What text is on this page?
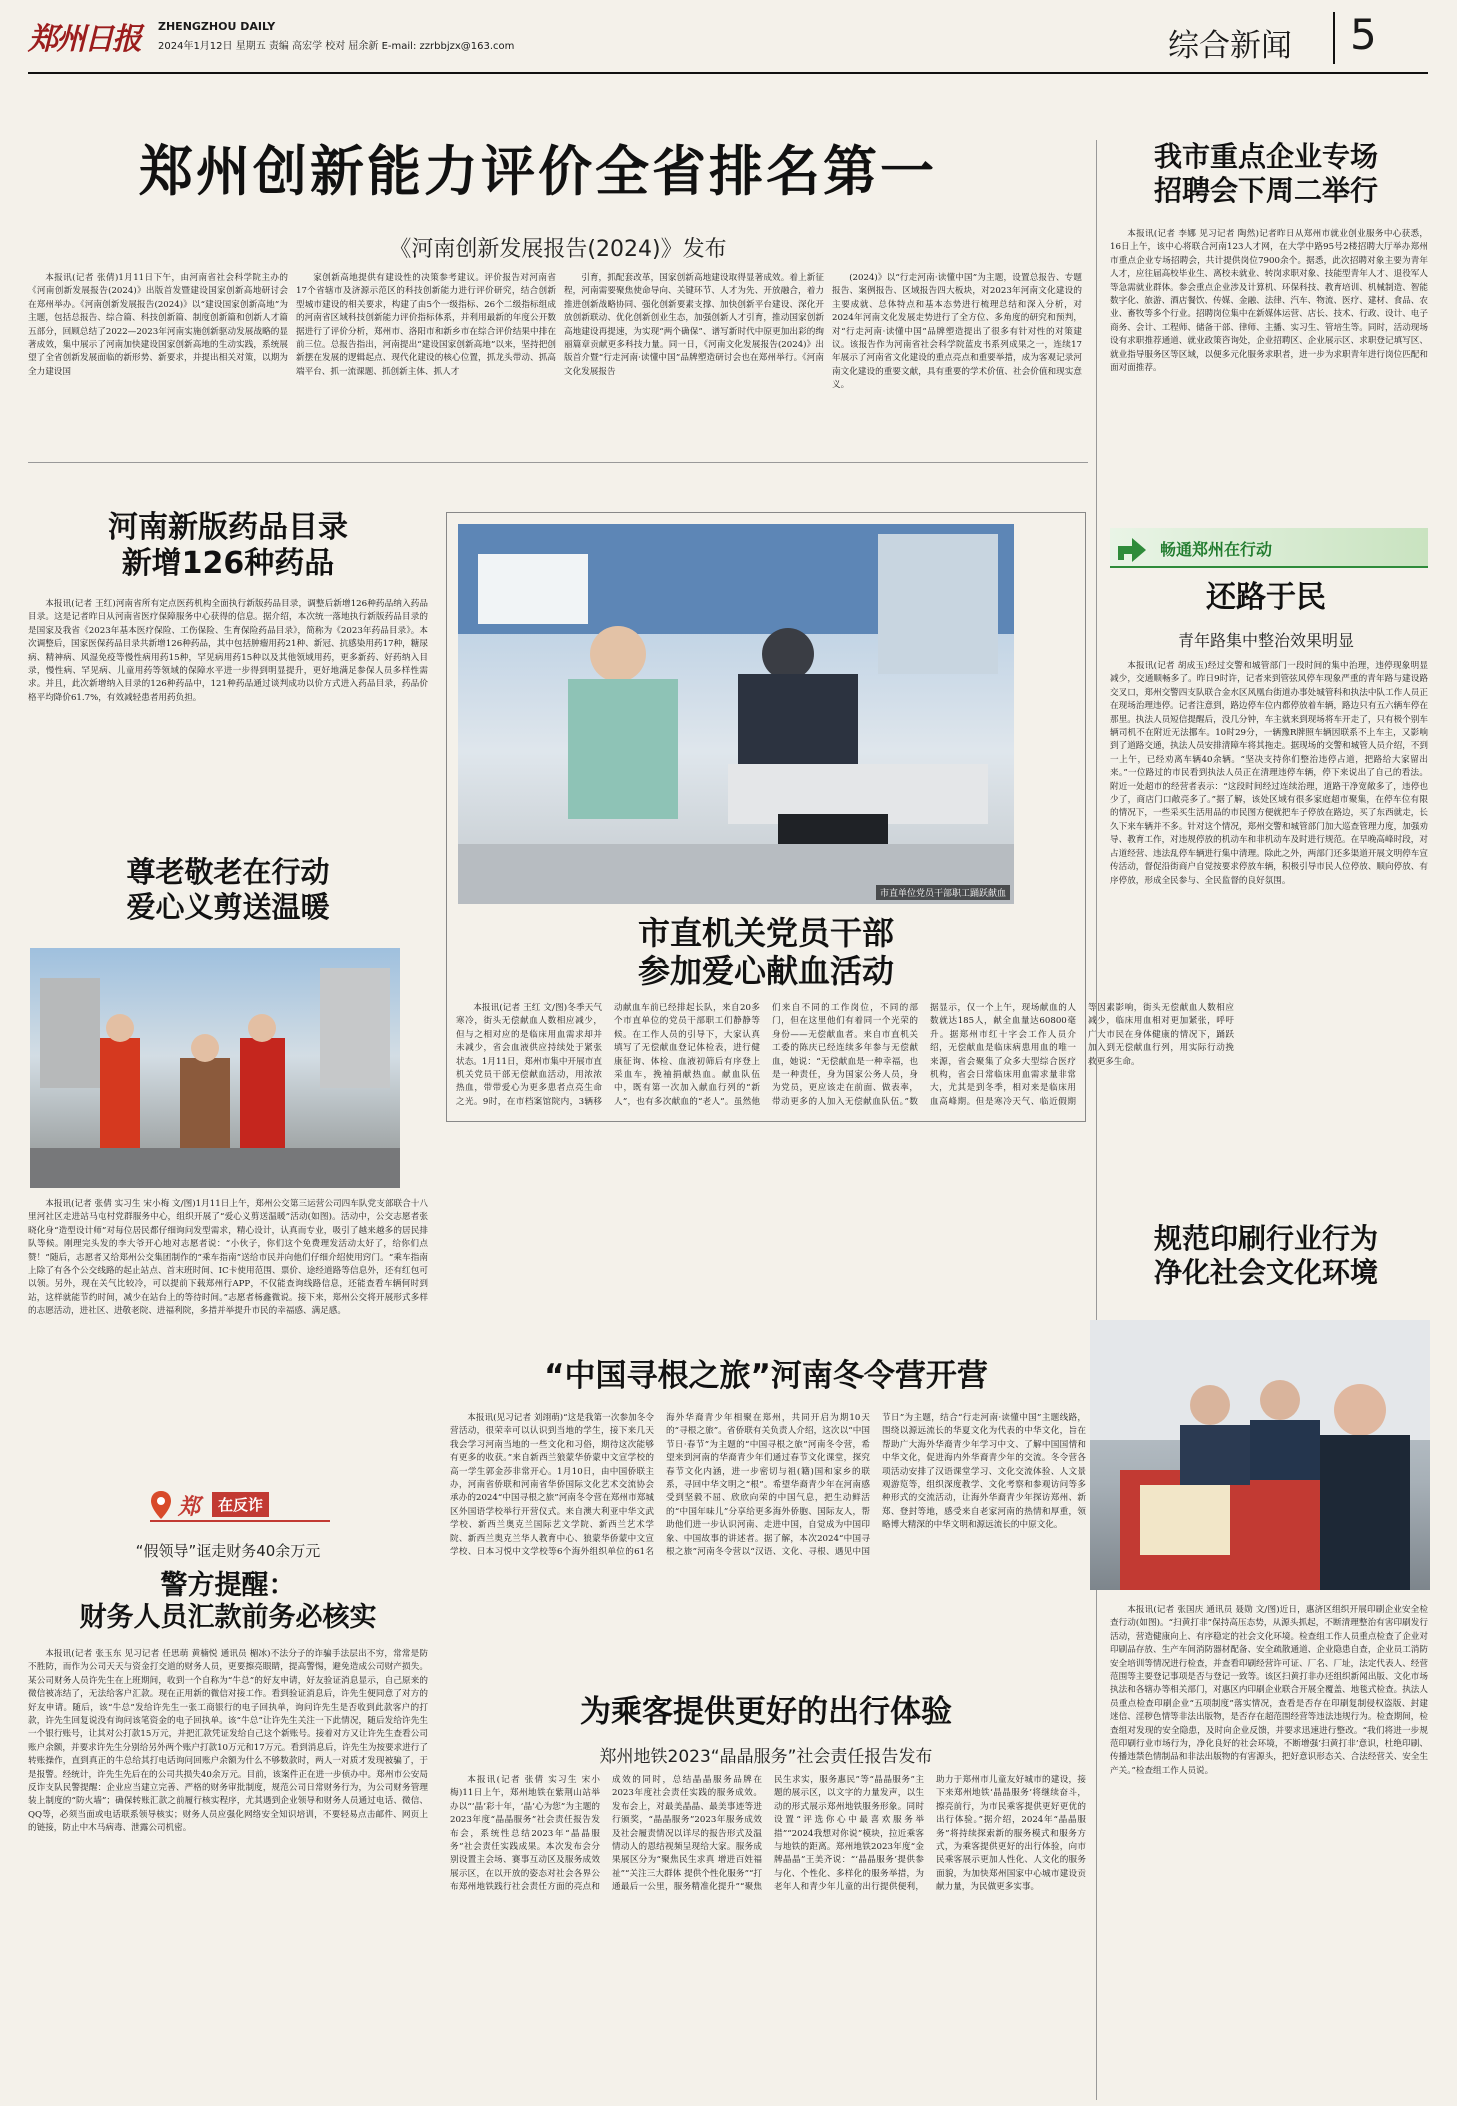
郑州日报 ZHENGZHOU DAILY
2024年1月12日 星期五 责编 高宏学 校对 屈余新 E-mail: zzrbbjzx@163.com	综合新闻 5
郑州创新能力评价全省排名第一
《河南创新发展报告(2024)》发布

本报讯(记者 张倩)1月11日下午，由河南省社会科学院主办的《河南创新发展报告(2024)》出版首发暨建设国家创新高地研讨会在郑州举办。《河南创新发展报告(2024)》以“建设国家创新高地”为主题，包括总报告、综合篇、科技创新篇、制度创新篇和创新人才篇五部分，回顾总结了2022—2023年河南实施创新驱动发展战略的显著成效，集中展示了河南加快建设国家创新高地的生动实践，系统展望了全省创新发展面临的新形势、新要求，并提出相关对策，以期为全力建设国

家创新高地提供有建设性的决策参考建议。评价报告对河南省17个省辖市及济源示范区的科技创新能力进行评价研究，结合创新型城市建设的相关要求，构建了由5个一级指标、26个二级指标组成的河南省区域科技创新能力评价指标体系，并利用最新的年度公开数据进行了评价分析，郑州市、洛阳市和新乡市在综合评价结果中排在前三位。总报告指出，河南提出“建设国家创新高地”以来，坚持把创新摆在发展的逻辑起点、现代化建设的核心位置，抓龙头带动、抓高端平台、抓一流课题、抓创新主体、抓人才

引育，抓配套改革，国家创新高地建设取得显著成效。着上新征程，河南需要聚焦使命导向、关键环节、人才为先、开放融合，着力推进创新战略协同、强化创新要素支撑、加快创新平台建设、深化开放创新联动、优化创新创业生态，加强创新人才引育，推动国家创新高地建设再提速，为实现“两个确保”、谱写新时代中原更加出彩的绚丽篇章贡献更多科技力量。同一日，《河南文化发展报告(2024)》出版首介暨“行走河南·读懂中国”品牌塑造研讨会也在郑州举行。《河南文化发展报告

(2024)》以“行走河南·读懂中国”为主题，设置总报告、专题报告、案例报告、区域报告四大板块，对2023年河南文化建设的主要成就、总体特点和基本态势进行梳理总结和深入分析，对2024年河南文化发展走势进行了全方位、多角度的研究和预判，对“行走河南·读懂中国”品牌塑造提出了很多有针对性的对策建议。该报告作为河南省社会科学院蓝皮书系列成果之一，连续17年展示了河南省文化建设的重点亮点和重要举措，成为客观记录河南文化建设的重要文献，具有重要的学术价值、社会价值和现实意义。

我市重点企业专场
招聘会下周二举行

本报讯(记者 李娜 见习记者 陶然)记者昨日从郑州市就业创业服务中心获悉，16日上午，该中心将联合河南123人才网，在大学中路95号2楼招聘大厅举办郑州市重点企业专场招聘会，共计提供岗位7900余个。据悉，此次招聘对象主要为青年人才，应往届高校毕业生、离校未就业、转岗求职对象、技能型青年人才、退役军人等急需就业群体。参会重点企业涉及计算机、环保科技、教育培训、机械制造、智能数字化、旅游、酒店餐饮、传媒、金融、法律、汽车、物流、医疗、建材、食品、农业、畜牧等多个行业。招聘岗位集中在新媒体运营、店长、技术、行政、设计、电子商务、会计、工程师、储备干部、律师、主播、实习生、管培生等。同时，活动现场设有求职推荐通道、就业政策咨询处，企业招聘区、企业展示区、求职登记填写区、就业指导服务区等区域，以便多元化服务求职者，进一步为求职青年进行岗位匹配和面对面推荐。

畅通郑州在行动
还路于民
青年路集中整治效果明显

本报讯(记者 胡成玉)经过交警和城管部门一段时间的集中治理，违停现象明显减少，交通顺畅多了。昨日9时许，记者来到管弦风停车现象严重的青年路与建设路交叉口，郑州交警四支队联合金水区风凰台街道办事处城管科和执法中队工作人员正在现场治理违停。记者注意到，路边停车位内都停放着车辆，路边只有五六辆车停在那里。执法人员短信提醒后，没几分钟，车主就来到现场将车开走了，只有极个别车辆司机不在附近无法挪车。10时29分，一辆豫R牌照车辆因联系不上车主，又影响到了道路交通，执法人员安排清障车将其拖走。据现场的交警和城管人员介绍，不到一上午，已经劝离车辆40余辆。“坚决支持你们整治违停占道，把路给大家留出来。”一位路过的市民看到执法人员正在清理违停车辆，停下来说出了自己的看法。附近一处超市的经营者表示：“这段时间经过连续治理，道路干净宽敞多了，违停也少了，商店门口敞亮多了。”据了解，该处区域有很多家庭超市聚集，在停车位有限的情况下，一些采买生活用品的市民图方便就把车子停放在路边，买了东西就走，长久下来车辆并不多。针对这个情况，郑州交警和城管部门加大巡查管理力度，加强劝导、教育工作，对违规停放的机动车和非机动车及时进行规范。在早晚高峰时段，对占道经营、违法乱停车辆进行集中清理。除此之外，两部门还多渠道开展文明停车宣传活动，督促沿街商户自觉按要求停放车辆，积极引导市民人位停放、顺向停放、有序停放，形成全民参与、全民监督的良好氛围。

规范印刷行业行为
净化社会文化环境

本报讯(记者 张国庆 通讯员 聂勋 文/图)近日，惠济区组织开展印刷企业安全检查行动(如图)。“扫黄打非”保持高压态势，从源头抓起，不断清理整治有害印刷发行活动，营造健康向上、有序稳定的社会文化环境。检查组工作人员重点检查了企业对印刷品存放、生产车间消防器材配备、安全疏散通道、企业隐患自查，企业员工消防安全培训等情况进行检查，并查看印刷经营许可证、厂名、厂址，法定代表人、经营范围等主要登记事项是否与登记一致等。该区扫黄打非办还组织新闻出版、文化市场执法和各辖办等相关部门，对惠区内印刷企业联合开展全覆盖、地毯式检查。执法人员重点检查印刷企业“五项制度”落实情况，查看是否存在印刷复制侵权盗版、封建迷信、淫秽色情等非法出版物，是否存在超范围经营等违法违规行为。检查期间，检查组对发现的安全隐患，及时向企业反馈，并要求迅速进行整改。“我们将进一步规范印刷行业市场行为，净化良好的社会环境，不断增强‘扫黄打非’意识，杜绝印刷、传播违禁色情制品和非法出版物的有害源头，把好意识形态关、合法经营关、安全生产关。”检查组工作人员说。

河南新版药品目录
新增126种药品

本报讯(记者 王红)河南省所有定点医药机构全面执行新版药品目录，调整后新增126种药品纳入药品目录。这是记者昨日从河南省医疗保障服务中心获得的信息。据介绍，本次统一落地执行新版药品目录的是国家及我省《2023年基本医疗保险、工伤保险、生育保险药品目录》，简称为《2023年药品目录》。本次调整后，国家医保药品目录共新增126种药品，其中包括肿瘤用药21种、新冠、抗感染用药17种，糖尿病、精神病、风湿免疫等慢性病用药15种，罕见病用药15种以及其他领域用药，更多新药、好药纳入目录，慢性病、罕见病、儿童用药等领域的保障水平进一步得到明显提升，更好地满足参保人员多样性需求。并且，此次新增纳入目录的126种药品中，121种药品通过谈判成功以价方式进入药品目录，药品价格平均降价61.7%，有效减轻患者用药负担。

尊老敬老在行动
爱心义剪送温暖

本报讯(记者 张倩 实习生 宋小梅 文/图)1月11日上午，郑州公交第三运营公司四车队党支部联合十八里河社区走进站马屯村党群服务中心，组织开展了“爱心义剪送温暖”活动(如图)。活动中，公交志愿者张晓化身“造型设计师”对每位居民都仔细询问发型需求，精心设计，认真而专业，吸引了越来越多的居民排队等候。刚理完头发的李大爷开心地对志愿者说：“小伙子，你们这个免费理发活动太好了，给你们点赞！”随后，志愿者又给郑州公交集团制作的“乘车指南”送给市民并向他们仔细介绍使用窍门。“乘车指南上除了有各个公交线路的起止站点、首末班时间、IC卡使用范围、票价、途经道路等信息外，还有红包可以领。另外，现在关气比较冷，可以提前下载郑州行APP，不仅能查询线路信息，还能查看车辆何时到站，这样就能节约时间，减少在站台上的等待时间。”志愿者杨鑫微说。接下来，郑州公交将开展形式多样的志愿活动，进社区、进敬老院、进福利院，多措并举提升市民的幸福感、满足感。

郑	在反诈
“假领导”诓走财务40余万元
警方提醒：
财务人员汇款前务必核实

本报讯(记者 张玉东 见习记者 任思萌 黄楠悦 通讯员 楣冰)不法分子的诈骗手法层出不穷，常常是防不胜防，而作为公司天天与资金打交道的财务人员，更要擦亮眼睛，提高警惕，避免造成公司财产损失。某公司财务人员许先生在上班期间，收到一个自称为“牛总”的好友申请，好友验证消息显示，自己原来的微信被冻结了，无法给客户汇款。现在正用新的微信对接工作。看到验证消息后，许先生便同意了对方的好友申请。随后，该“牛总”发给许先生一张工商银行的电子回执单，询问许先生是否收到此款客户的打款，许先生回复说没有询问该笔资金的电子回执单。该“牛总”让许先生关注一下此情况，随后发给许先生一个银行账号，让其对公打款15万元，并把汇款凭证发给自己这个新账号。接着对方又让许先生查看公司账户余额，并要求许先生分别给另外两个账户打款10万元和17万元。看到消息后，许先生为按要求进行了转账操作，直到真正的牛总给其打电话询问回账户余额为什么不够数款时，两人一对质才发现被骗了，于是报警。经统计，许先生先后在的公司共损失40余万元。目前，该案件正在进一步侦办中。郑州市公安局反诈支队民警提醒：企业应当建立完善、严格的财务审批制度，规范公司日常财务行为，为公司财务管理装上制度的“防火墙”；确保转账汇款之前履行核实程序，尤其遇到企业领导和财务人员通过电话、微信、QQ等，必须当面或电话联系领导核实；财务人员应强化网络安全知识培训，不要轻易点击邮件、网页上的链接，防止中木马病毒、泄露公司机密。

市直单位党员干部职工踊跃献血
市直机关党员干部
参加爱心献血活动

本报讯(记者 王红 文/图)冬季天气寒冷，街头无偿献血人数相应减少，但与之相对应的是临床用血需求却并未减少，省会血液供应持续处于紧张状态。1月11日，郑州市集中开展市直机关党员干部无偿献血活动，用浓浓热血，带带爱心为更多患者点亮生命之光。9时，在市档案馆院内，3辆移动献血车前已经排起长队，来自20多个市直单位的党员干部职工们静静等候。在工作人员的引导下，大家认真填写了无偿献血登记体检表，进行健康征询、体检、血液初筛后有序登上采血车，挽袖捐献热血。献血队伍中，既有第一次加入献血行列的“新人”，也有多次献血的“老人”。虽然他们来自不同的工作岗位，不同的部门，但在这里他们有着同一个光荣的身份——无偿献血者。来自市直机关工委的陈庆已经连续多年参与无偿献血，她说：“无偿献血是一种幸福，也是一种责任，身为国家公务人员，身为党员，更应该走在前面、做表率，带动更多的人加入无偿献血队伍。”数据显示，仅一个上午，现场献血的人数就达185人，献全血量达60800毫升。据郑州市红十字会工作人员介绍，无偿献血是临床病患用血的唯一来源，省会聚集了众多大型综合医疗机构，省会日常临床用血需求量非常大，尤其是到冬季，相对来是临床用血高峰期。但是寒冷天气、临近假期等因素影响，街头无偿献血人数相应减少，临床用血相对更加紧张，呼吁广大市民在身体健康的情况下，踊跃加入到无偿献血行列，用实际行动挽救更多生命。

“中国寻根之旅”河南冬令营开营

本报讯(见习记者 刘翊萌)“这是我第一次参加冬令营活动，很荣幸可以认识到当地的学生，接下来几天我会学习河南当地的一些文化和习俗，期待这次能够有更多的收获。”来自新西兰狼蒙华侨蒙中文宣学校的高一学生郭金莎非常开心。1月10日，由中国侨联主办，河南省侨联和河南省华侨国际文化艺术交流协会承办的2024“中国寻根之旅”河南冬令营在郑州市郑城区外国语学校举行开营仪式。来自澳大利亚中华文武学校、新西兰奥克兰国际艺文学院、新西兰艺术学院、新西兰奥克兰华人教育中心、狼蒙华侨蒙中文宣学校、日本习悦中文学校等6个海外组织单位的61名海外华裔青少年相聚在郑州，共同开启为期10天的“寻根之旅”。省侨联有关负责人介绍，这次以“中国节日·春节”为主题的“中国寻根之旅”河南冬令营，希望来到河南的华裔青少年们通过春节文化课堂，探究春节文化内涵，进一步密切与祖(籍)国和家乡的联系，寻回中华文明之“根”。希望华裔青少年在河南感受到坚毅不屈、欣欣向荣的中国气息，把生动鲜活的“中国年味儿”分享给更多海外侨胞、国际友人，帮助他们进一步认识河南、走进中国，自觉成为中国印象、中国故事的讲述者。据了解，本次2024“中国寻根之旅”河南冬令营以“汉语、文化、寻根、遇见中国节日”为主题，结合“行走河南·读懂中国”主题线路，围绕以源远流长的华夏文化为代表的中华文化，旨在帮助广大海外华裔青少年学习中文、了解中国国情和中华文化，促进海内外华裔青少年的交流。冬令营各项活动安排了汉语课堂学习、文化交流体验、人文景观游览等，组织深度教学、文化考察和参观访问等多种形式的交流活动，让海外华裔青少年探访郑州、新郑、登封等地，感受来自老家河南的热情和厚重，领略博大精深的中华文明和源远流长的中原文化。

为乘客提供更好的出行体验
郑州地铁2023“晶晶服务”社会责任报告发布

本报讯(记者 张倩 实习生 宋小梅)11日上午，郑州地铁在紫荆山站举办以“‘晶’彩十年，‘晶’心为您”为主题的2023年度“晶晶服务”社会责任报告发布会，系统性总结2023年“晶晶服务”社会责任实践成果。本次发布会分别设置主会场、赛事互动区及服务成效展示区，在以开放的姿态对社会各界公布郑州地铁践行社会责任方面的亮点和成效的同时，总结晶晶服务品牌在2023年度社会责任实践的服务成效。发布会上，对最美晶晶、最美事迹等进行颁奖，“晶晶服务”2023年服务成效及社会履责情况以详尽的报告形式及温情动人的恩结视频呈现给大家。服务成果展区分为“聚焦民生求真 增进百姓福祉”“关注三大群体 提供个性化服务”“打通最后一公里，服务精准化提升”“聚焦民生求实，服务惠民”等“晶晶服务”主题的展示区，以文字的力量发声，以生动的形式展示郑州地铁服务形象。同时设置“评选你心中最喜欢服务举措”“2024我想对你说”模块，拉近乘客与地铁的距离。郑州地铁2023年度“金牌晶晶”王美齐说：“‘晶晶服务’提供参与化、个性化、多样化的服务举措，为老年人和青少年儿童的出行提供便利，助力于郑州市儿童友好城市的建设，接下来郑州地铁‘晶晶服务’将继续奋斗，擦亮前行，为市民乘客提供更好更优的出行体验。”据介绍，2024年“晶晶服务”将持续探索新的服务模式和服务方式，为乘客提供更好的出行体验，向市民乘客展示更加人性化、人文化的服务面貌，为加快郑州国家中心城市建设贡献力量，为民做更多实事。
